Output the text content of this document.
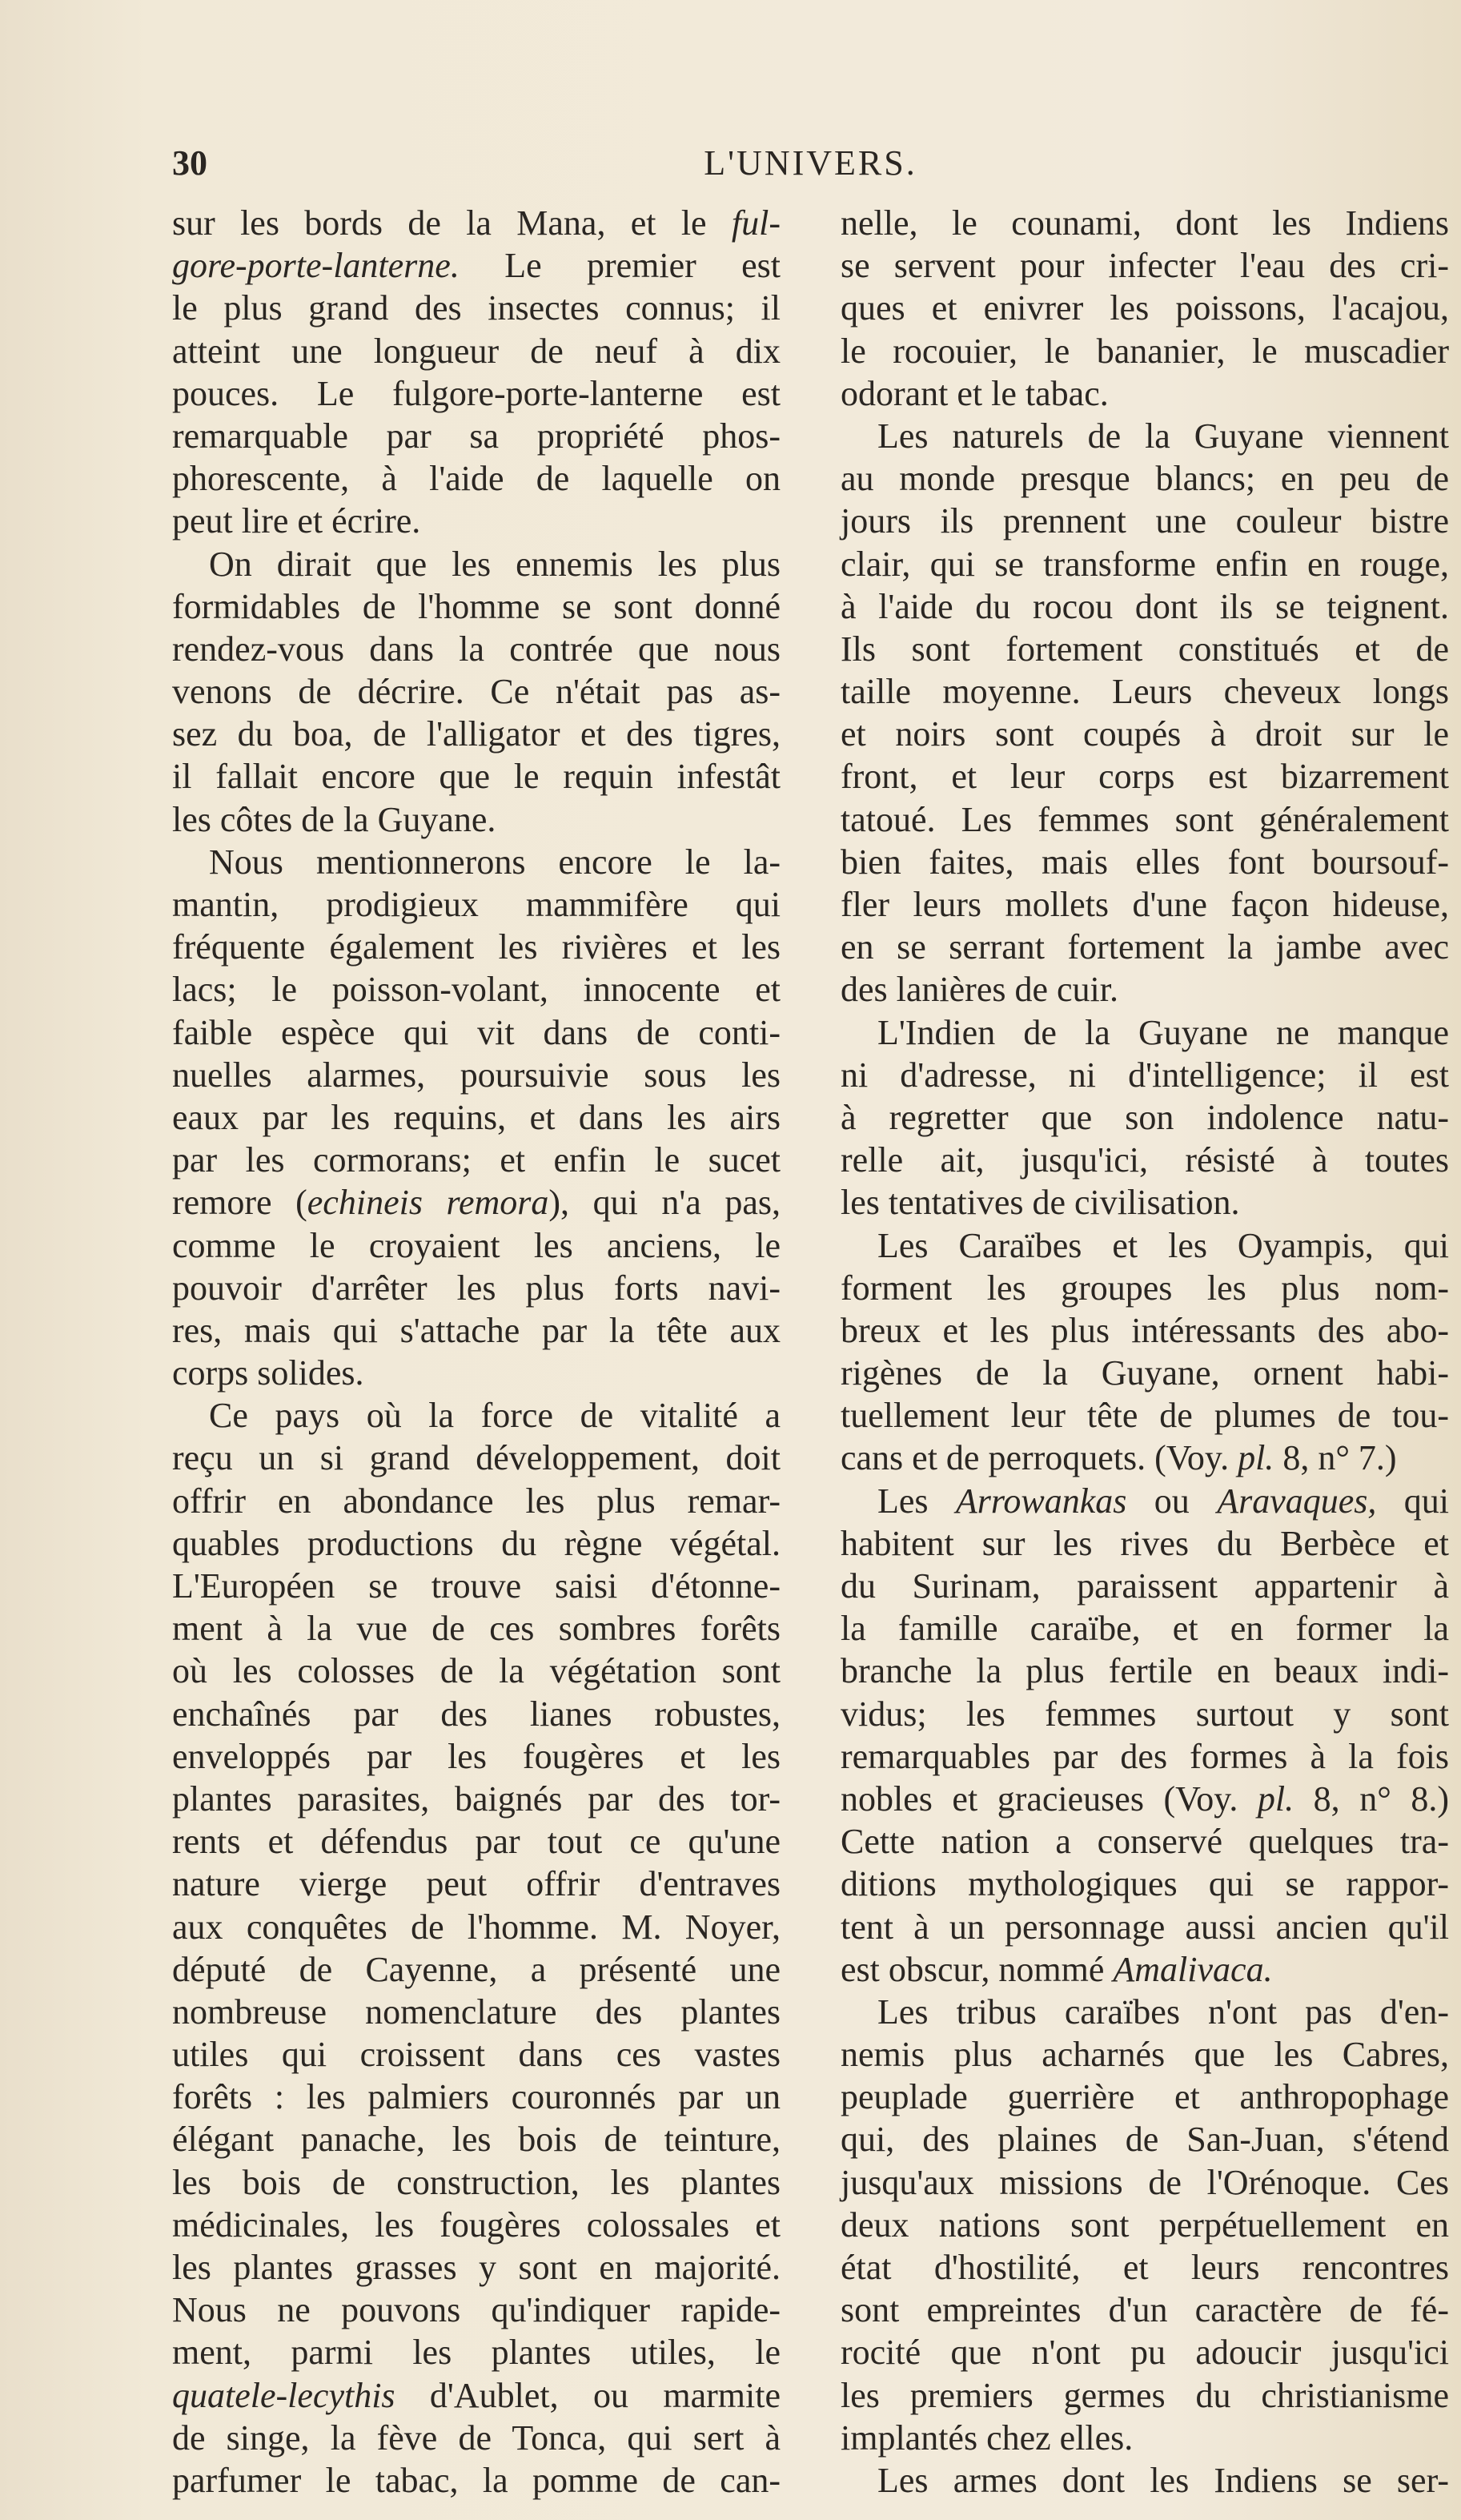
30	L'UNIVERS.
sur les bords de la Mana, et le ful-
gore-porte-lanterne. Le premier est
le plus grand des insectes connus; il
atteint une longueur de neuf à dix
pouces. Le fulgore-porte-lanterne est
remarquable par sa propriété phos-
phorescente, à l'aide de laquelle on
peut lire et écrire.
On dirait que les ennemis les plus
formidables de l'homme se sont donné
rendez-vous dans la contrée que nous
venons de décrire. Ce n'était pas as-
sez du boa, de l'alligator et des tigres,
il fallait encore que le requin infestât
les côtes de la Guyane.
Nous mentionnerons encore le la-
mantin, prodigieux mammifère qui
fréquente également les rivières et les
lacs; le poisson-volant, innocente et
faible espèce qui vit dans de conti-
nuelles alarmes, poursuivie sous les
eaux par les requins, et dans les airs
par les cormorans; et enfin le sucet
remore (echineis remora), qui n'a pas,
comme le croyaient les anciens, le
pouvoir d'arrêter les plus forts navi-
res, mais qui s'attache par la tête aux
corps solides.
Ce pays où la force de vitalité a
reçu un si grand développement, doit
offrir en abondance les plus remar-
quables productions du règne végétal.
L'Européen se trouve saisi d'étonne-
ment à la vue de ces sombres forêts
où les colosses de la végétation sont
enchaînés par des lianes robustes,
enveloppés par les fougères et les
plantes parasites, baignés par des tor-
rents et défendus par tout ce qu'une
nature vierge peut offrir d'entraves
aux conquêtes de l'homme. M. Noyer,
député de Cayenne, a présenté une
nombreuse nomenclature des plantes
utiles qui croissent dans ces vastes
forêts : les palmiers couronnés par un
élégant panache, les bois de teinture,
les bois de construction, les plantes
médicinales, les fougères colossales et
les plantes grasses y sont en majorité.
Nous ne pouvons qu'indiquer rapide-
ment, parmi les plantes utiles, le
quatele-lecythis d'Aublet, ou marmite
de singe, la fève de Tonca, qui sert à
parfumer le tabac, la pomme de can-
nelle, le counami, dont les Indiens
se servent pour infecter l'eau des cri-
ques et enivrer les poissons, l'acajou,
le rocouier, le bananier, le muscadier
odorant et le tabac.
Les naturels de la Guyane viennent
au monde presque blancs; en peu de
jours ils prennent une couleur bistre
clair, qui se transforme enfin en rouge,
à l'aide du rocou dont ils se teignent.
Ils sont fortement constitués et de
taille moyenne. Leurs cheveux longs
et noirs sont coupés à droit sur le
front, et leur corps est bizarrement
tatoué. Les femmes sont généralement
bien faites, mais elles font boursouf-
fler leurs mollets d'une façon hideuse,
en se serrant fortement la jambe avec
des lanières de cuir.
L'Indien de la Guyane ne manque
ni d'adresse, ni d'intelligence; il est
à regretter que son indolence natu-
relle ait, jusqu'ici, résisté à toutes
les tentatives de civilisation.
Les Caraïbes et les Oyampis, qui
forment les groupes les plus nom-
breux et les plus intéressants des abo-
rigènes de la Guyane, ornent habi-
tuellement leur tête de plumes de tou-
cans et de perroquets. (Voy. pl. 8, n° 7.)
Les Arrowankas ou Aravaques, qui
habitent sur les rives du Berbèce et
du Surinam, paraissent appartenir à
la famille caraïbe, et en former la
branche la plus fertile en beaux indi-
vidus; les femmes surtout y sont
remarquables par des formes à la fois
nobles et gracieuses (Voy. pl. 8, n° 8.)
Cette nation a conservé quelques tra-
ditions mythologiques qui se rappor-
tent à un personnage aussi ancien qu'il
est obscur, nommé Amalivaca.
Les tribus caraïbes n'ont pas d'en-
nemis plus acharnés que les Cabres,
peuplade guerrière et anthropophage
qui, des plaines de San-Juan, s'étend
jusqu'aux missions de l'Orénoque. Ces
deux nations sont perpétuellement en
état d'hostilité, et leurs rencontres
sont empreintes d'un caractère de fé-
rocité que n'ont pu adoucir jusqu'ici
les premiers germes du christianisme
implantés chez elles.
Les armes dont les Indiens se ser-
